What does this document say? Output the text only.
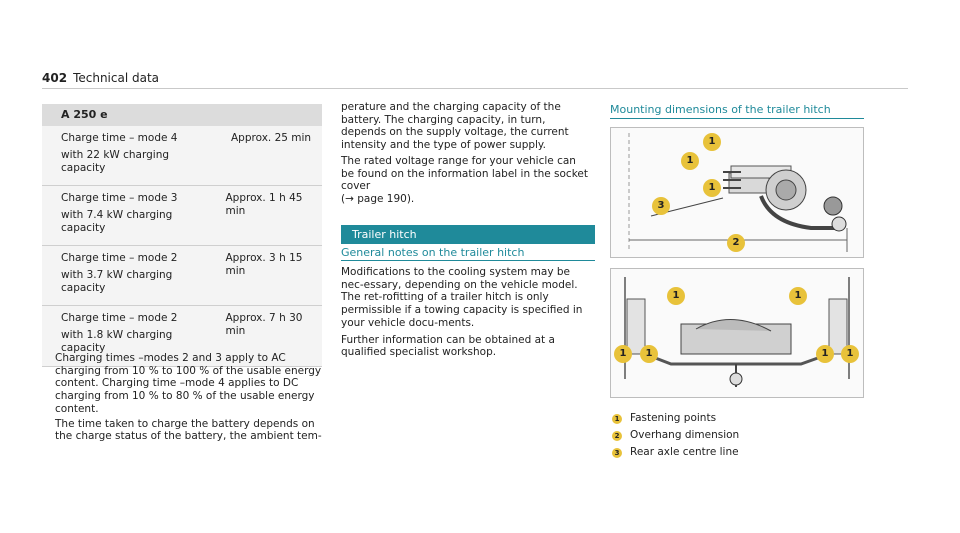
402 Technical data
A 250 e
Charge time – mode 4
with 22 kW charging capacity
Approx. 25 min
Charge time – mode 3
with 7.4 kW charging capacity
Approx. 1 h 45 min
Charge time – mode 2
with 3.7 kW charging capacity
Approx. 3 h 15 min
Charge time – mode 2
with 1.8 kW charging capacity
Approx. 7 h 30 min

Charging times –modes 2 and 3 apply to AC charging from 10 % to 100 % of the usable energy content. Charging time –mode 4 applies to DC charging from 10 % to 80 % of the usable energy content.

The time taken to charge the battery depends on the charge status of the battery, the ambient tem-

perature and the charging capacity of the battery. The charging capacity, in turn, depends on the supply voltage, the current intensity and the type of power supply.

The rated voltage range for your vehicle can be found on the information label in the socket cover
(→ page 190).

Trailer hitch
General notes on the trailer hitch

Modifications to the cooling system may be nec-essary, depending on the vehicle model. The ret-rofitting of a trailer hitch is only permissible if a towing capacity is specified in your vehicle docu-ments.

Further information can be obtained at a qualified specialist workshop.

Mounting dimensions of the trailer hitch
1
1
1
2
3
1	1
1	1	1	1
1 Fastening points
2 Overhang dimension
3 Rear axle centre line
